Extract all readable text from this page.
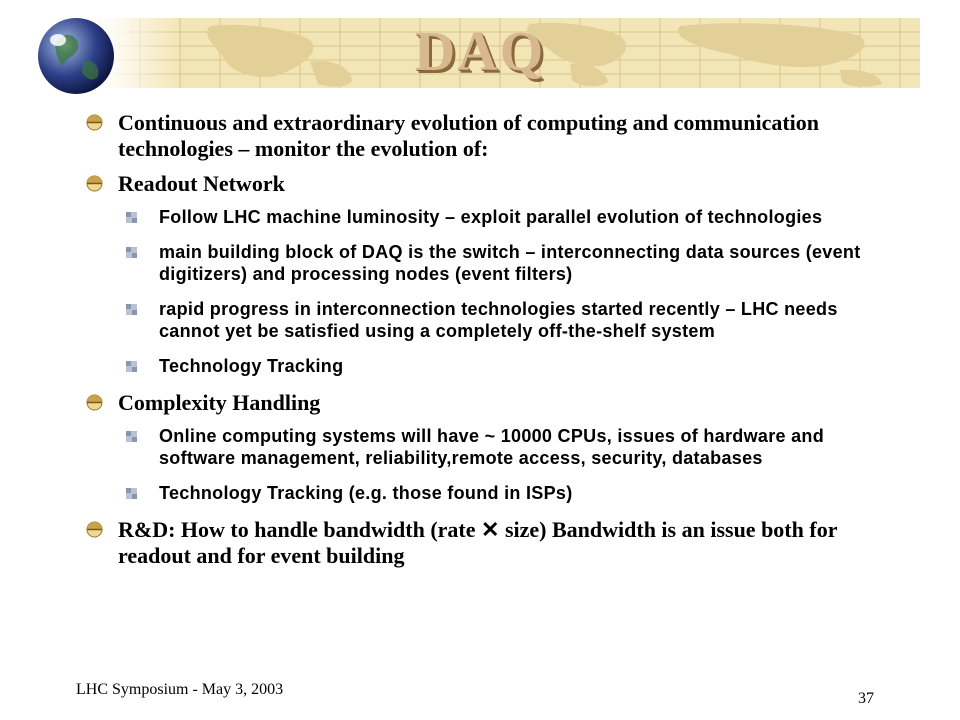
DAQ
Continuous and extraordinary evolution of computing and communication technologies – monitor the evolution of:
Readout Network
Follow LHC machine luminosity – exploit parallel evolution of technologies
main building block of DAQ is the switch – interconnecting data sources (event digitizers) and processing nodes (event filters)
rapid progress in interconnection technologies started recently – LHC needs cannot yet be satisfied using a completely off-the-shelf system
Technology Tracking
Complexity Handling
Online computing systems will have ~ 10000 CPUs, issues of hardware and software management, reliability,remote access, security, databases
Technology Tracking (e.g. those found in ISPs)
R&D: How to handle bandwidth (rate ✕ size) Bandwidth is an issue both for readout and for event building
LHC Symposium - May 3, 2003
37
